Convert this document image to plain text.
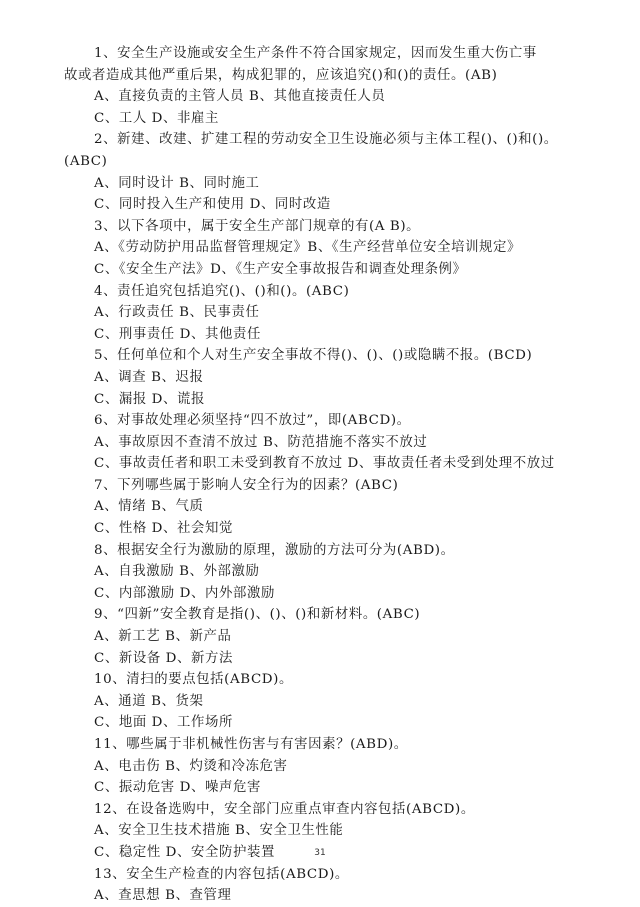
1、安全生产设施或安全生产条件不符合国家规定，因而发生重大伤亡事
故或者造成其他严重后果，构成犯罪的，应该追究()和()的责任。(AB)
A、直接负责的主管人员 B、其他直接责任人员
C、工人 D、非雇主
2、新建、改建、扩建工程的劳动安全卫生设施必须与主体工程()、()和()。
(ABC)
A、同时设计 B、同时施工
C、同时投入生产和使用 D、同时改造
3、以下各项中，属于安全生产部门规章的有(A B)。
A、《劳动防护用品监督管理规定》B、《生产经营单位安全培训规定》
C、《安全生产法》D、《生产安全事故报告和调查处理条例》
4、责任追究包括追究()、()和()。(ABC)
A、行政责任 B、民事责任
C、刑事责任 D、其他责任
5、任何单位和个人对生产安全事故不得()、()、()或隐瞒不报。(BCD)
A、调查 B、迟报
C、漏报 D、谎报
6、对事故处理必须坚持“四不放过”，即(ABCD)。
A、事故原因不查清不放过 B、防范措施不落实不放过
C、事故责任者和职工未受到教育不放过 D、事故责任者未受到处理不放过
7、下列哪些属于影响人安全行为的因素？(ABC)
A、情绪 B、气质
C、性格 D、社会知觉
8、根据安全行为激励的原理，激励的方法可分为(ABD)。
A、自我激励 B、外部激励
C、内部激励 D、内外部激励
9、“四新”安全教育是指()、()、()和新材料。(ABC)
A、新工艺 B、新产品
C、新设备 D、新方法
10、清扫的要点包括(ABCD)。
A、通道 B、货架
C、地面 D、工作场所
11、哪些属于非机械性伤害与有害因素？(ABD)。
A、电击伤 B、灼烫和冷冻危害
C、振动危害 D、噪声危害
12、在设备选购中，安全部门应重点审查内容包括(ABCD)。
A、安全卫生技术措施 B、安全卫生性能
C、稳定性 D、安全防护装置
13、安全生产检查的内容包括(ABCD)。
A、查思想 B、查管理
31
